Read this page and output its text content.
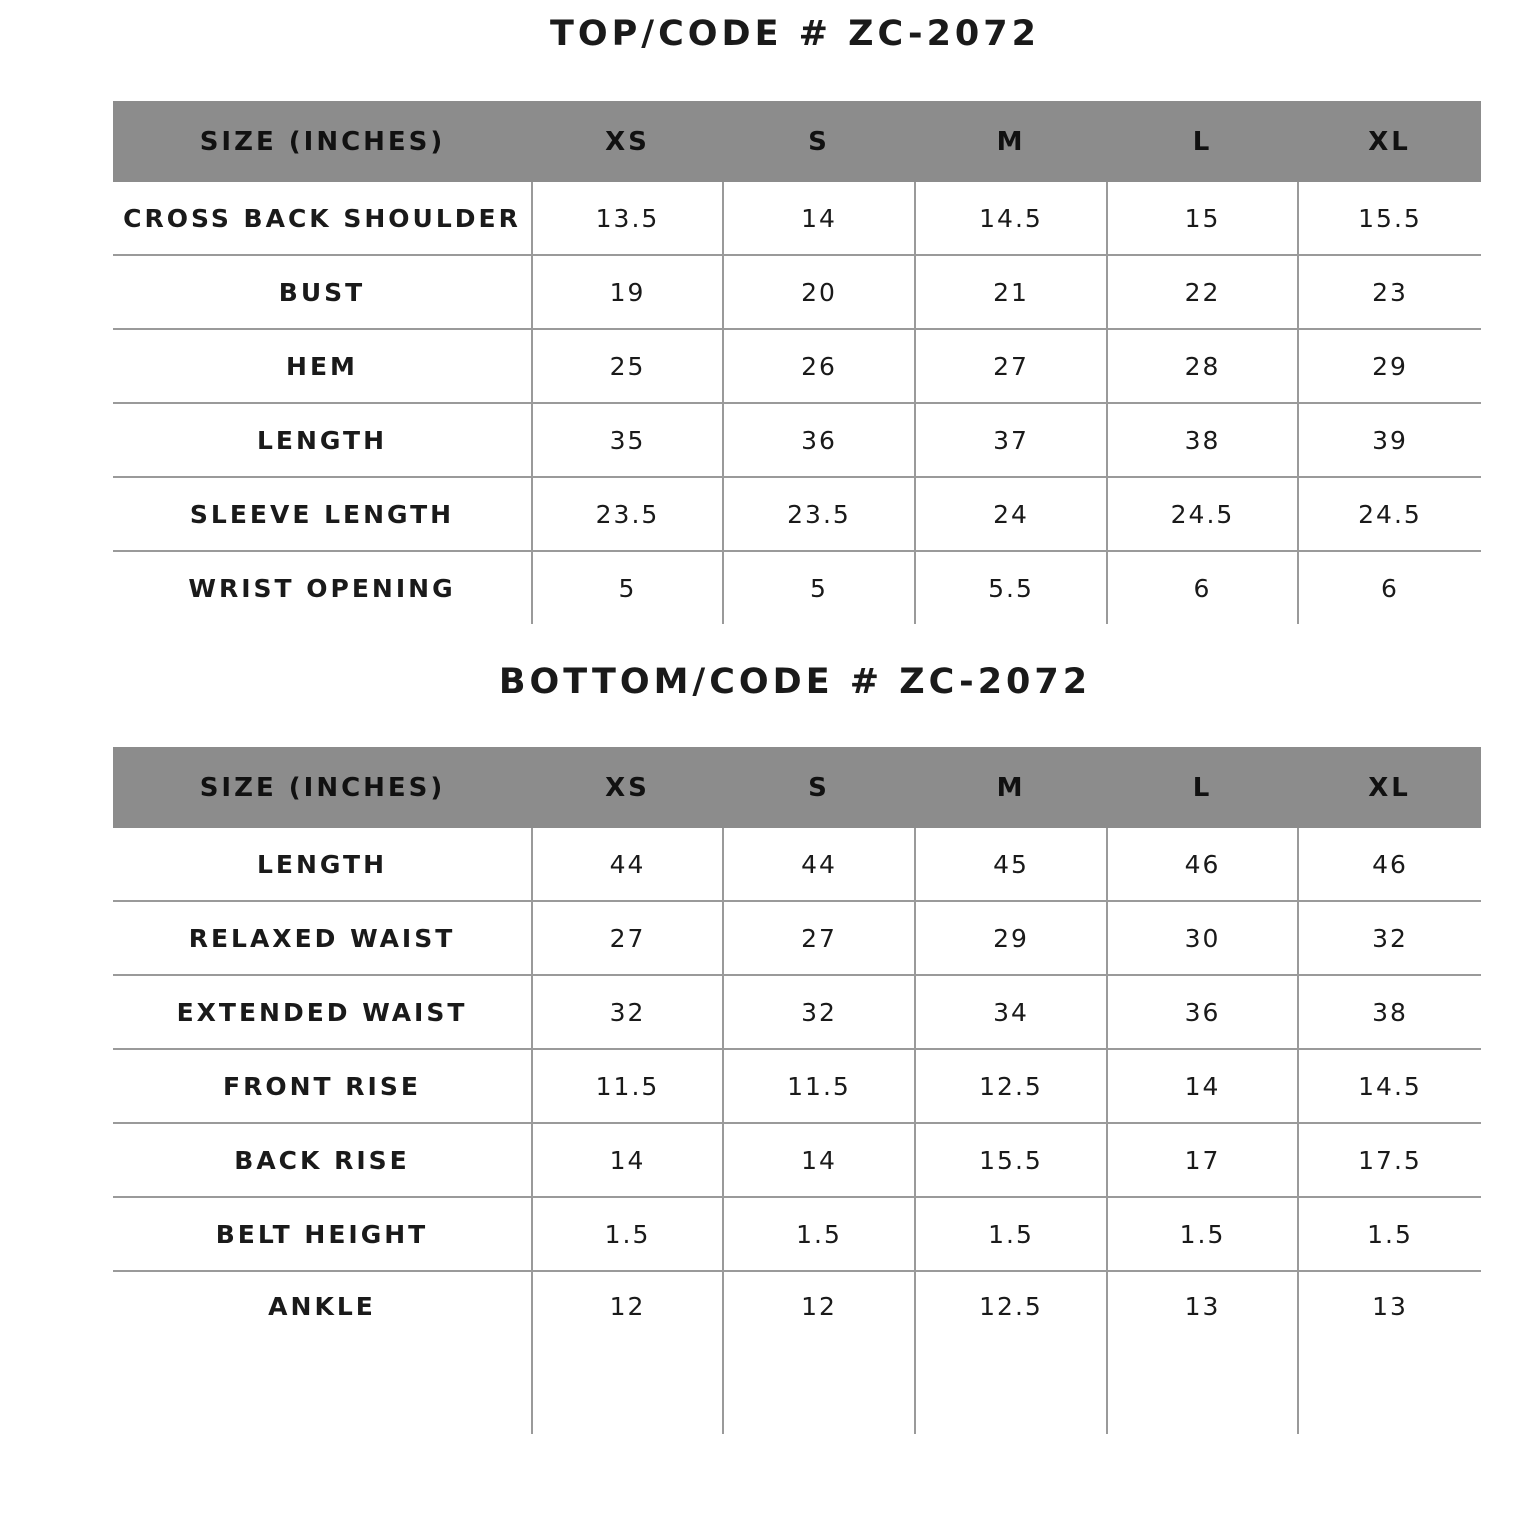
TOP/CODE # ZC-2072
SIZE (INCHES)	XS	S	M	L	XL
CROSS BACK SHOULDER	13.5	14	14.5	15	15.5
BUST	19	20	21	22	23
HEM	25	26	27	28	29
LENGTH	35	36	37	38	39
SLEEVE LENGTH	23.5	23.5	24	24.5	24.5
WRIST OPENING	5	5	5.5	6	6
BOTTOM/CODE # ZC-2072
SIZE (INCHES)	XS	S	M	L	XL
LENGTH	44	44	45	46	46
RELAXED WAIST	27	27	29	30	32
EXTENDED WAIST	32	32	34	36	38
FRONT RISE	11.5	11.5	12.5	14	14.5
BACK RISE	14	14	15.5	17	17.5
BELT HEIGHT	1.5	1.5	1.5	1.5	1.5
ANKLE	12	12	12.5	13	13
